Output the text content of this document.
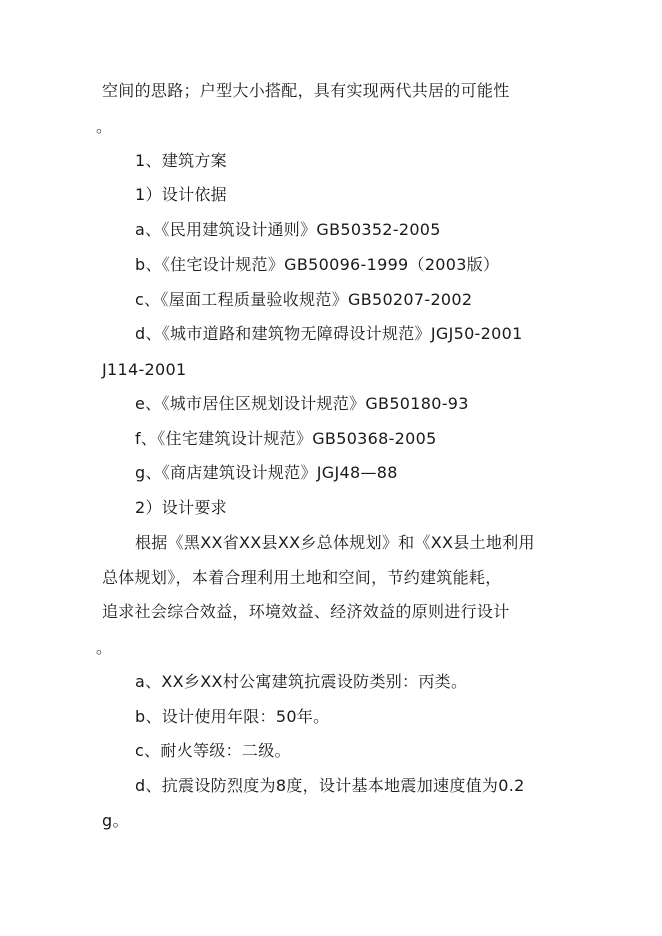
空间的思路；户型大小搭配，具有实现两代共居的可能性
。
1、建筑方案
1）设计依据
a、《民用建筑设计通则》GB50352-2005
b、《住宅设计规范》GB50096-1999（2003版）
c、《屋面工程质量验收规范》GB50207-2002
d、《城市道路和建筑物无障碍设计规范》JGJ50-2001
J114-2001
e、《城市居住区规划设计规范》GB50180-93
f、《住宅建筑设计规范》GB50368-2005
g、《商店建筑设计规范》JGJ48—88
2）设计要求
根据《黑XX省XX县XX乡总体规划》和《XX县土地利用
总体规划》，本着合理利用土地和空间，节约建筑能耗，
追求社会综合效益，环境效益、经济效益的原则进行设计
。
a、XX乡XX村公寓建筑抗震设防类别：丙类。
b、设计使用年限：50年。
c、耐火等级：二级。
d、抗震设防烈度为8度，设计基本地震加速度值为0.2
g。
